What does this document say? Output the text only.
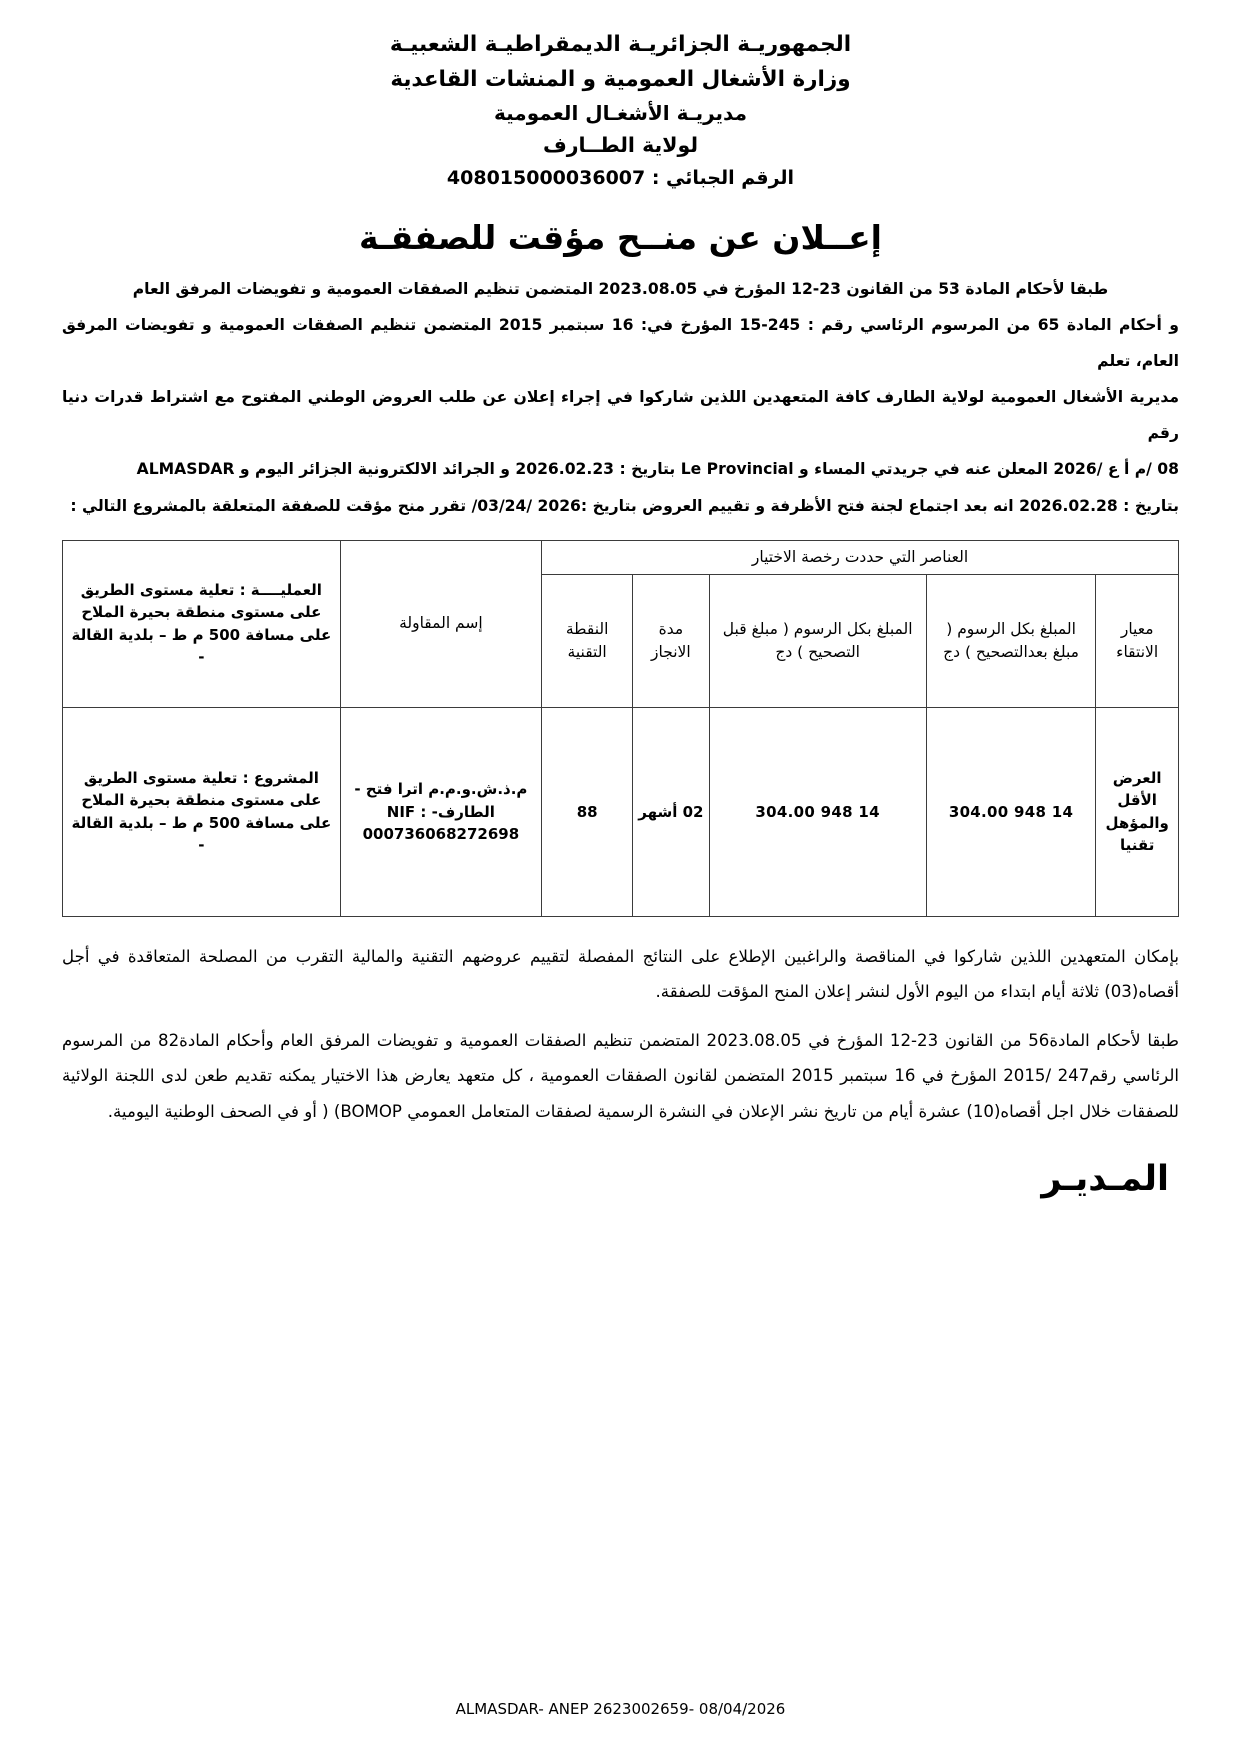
الجمهوريـة الجزائريـة الديمقراطيـة الشعبيـة
وزارة الأشغال العمومية و المنشات القاعدية
مديريـة الأشغـال العمومية
لولاية الطــارف
الرقم الجبائي : 408015000036007
إعــلان عن منــح مؤقت للصفقـة

طبقا لأحكام المادة 53 من القانون 23-12 المؤرخ في 2023.08.05 المتضمن تنظيم الصفقات العمومية و تفويضات المرفق العام

و أحكام المادة 65 من المرسوم الرئاسي رقم : 245-15 المؤرخ في: 16 سبتمبر 2015 المتضمن تنظيم الصفقات العمومية و تفويضات المرفق العام، تعلم

مديرية الأشغال العمومية لولاية الطارف كافة المتعهدين اللذين شاركوا في إجراء إعلان عن طلب العروض الوطني المفتوح مع اشتراط قدرات دنيا رقم

08 /م أ ع /2026 المعلن عنه في جريدتي المساء و Le Provincial بتاريخ : 2026.02.23 و الجرائد الالكترونية الجزائر اليوم و ALMASDAR

بتاريخ : 2026.02.28 انه بعد اجتماع لجنة فتح الأظرفة و تقييم العروض بتاريخ :2026 /03/24/ تقرر منح مؤقت للصفقة المتعلقة بالمشروع التالي :

العناصر التي حددت رخصة الاختيار					إسم المقاولة	العمليــــة : تعلية مستوى الطريق على مستوى منطقة بحيرة الملاح على مسافة 500 م ط – بلدية القالة -
معيار الانتقاء	المبلغ بكل الرسوم ( مبلغ بعدالتصحيح ) دج	المبلغ بكل الرسوم ( مبلغ قبل التصحيح ) دج	مدة الانجاز	النقطة التقنية		
العرض الأقل والمؤهل تقنيا	14 948 304.00	14 948 304.00	02 أشهر	88	م.ذ.ش.و.م.م اترا فتح - الطارف- NIF : 000736068272698	المشروع : تعلية مستوى الطريق على مستوى منطقة بحيرة الملاح على مسافة 500 م ط – بلدية القالة -

بإمكان المتعهدين اللذين شاركوا في المناقصة والراغبين الإطلاع على النتائج المفصلة لتقييم عروضهم التقنية والمالية التقرب من المصلحة المتعاقدة في أجل أقصاه(03) ثلاثة أيام ابتداء من اليوم الأول لنشر إعلان المنح المؤقت للصفقة.

طبقا لأحكام المادة56 من القانون 23-12 المؤرخ في 2023.08.05 المتضمن تنظيم الصفقات العمومية و تفويضات المرفق العام وأحكام المادة82 من المرسوم الرئاسي رقم247 /2015 المؤرخ في 16 سبتمبر 2015 المتضمن لقانون الصفقات العمومية ، كل متعهد يعارض هذا الاختيار يمكنه تقديم طعن لدى اللجنة الولائية للصفقات خلال اجل أقصاه(10) عشرة أيام من تاريخ نشر الإعلان في النشرة الرسمية لصفقات المتعامل العمومي BOMOP) ( أو في الصحف الوطنية اليومية.

المـديـر
ALMASDAR- ANEP 2623002659- 08/04/2026
